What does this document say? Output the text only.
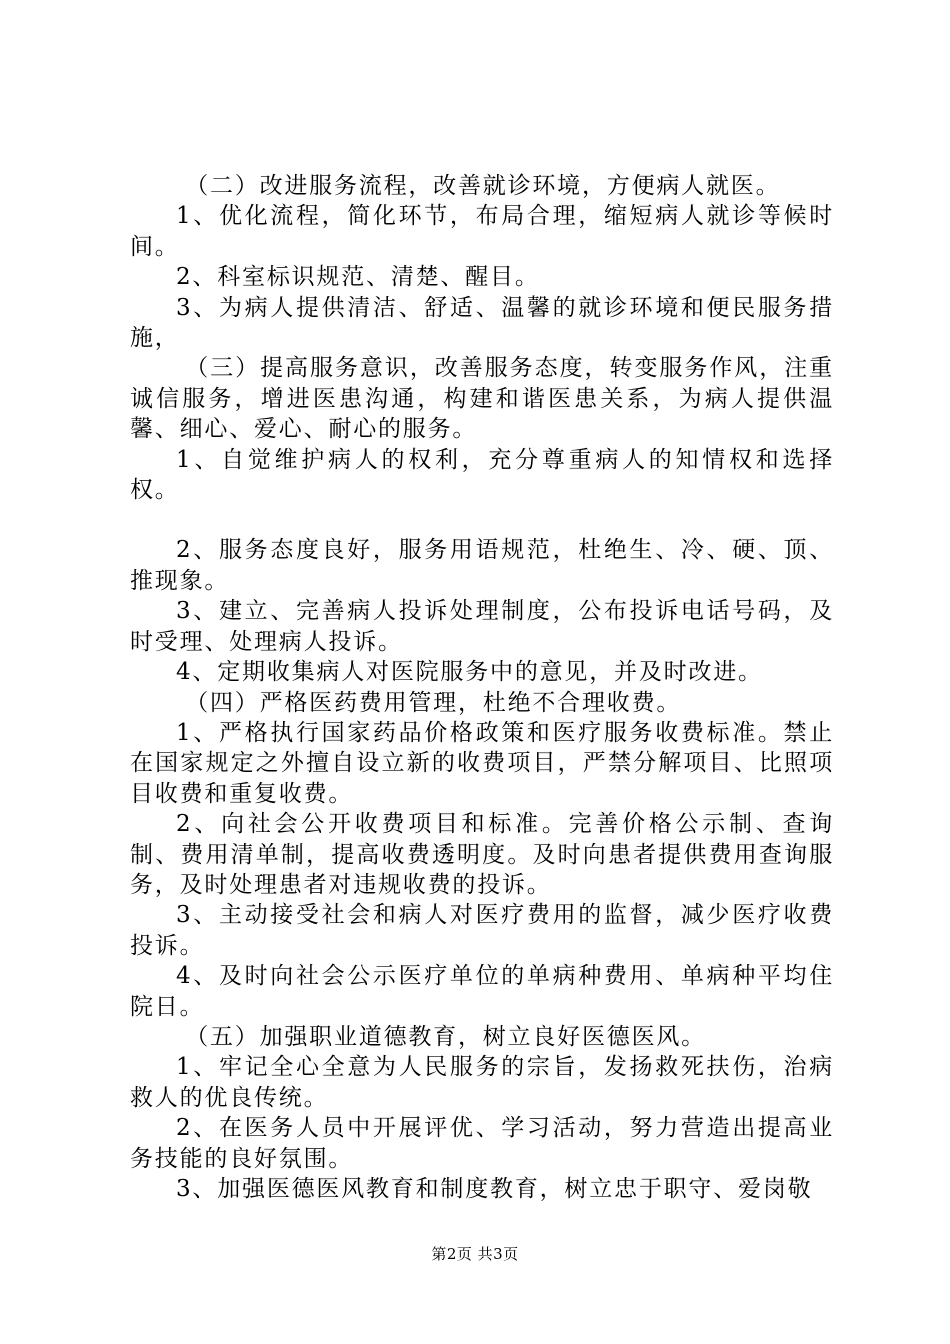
（二）改进服务流程，改善就诊环境，方便病人就医。

1、优化流程，简化环节，布局合理，缩短病人就诊等候时间。

2、科室标识规范、清楚、醒目。

3、为病人提供清洁、舒适、温馨的就诊环境和便民服务措施，

（三）提高服务意识，改善服务态度，转变服务作风，注重诚信服务，增进医患沟通，构建和谐医患关系，为病人提供温馨、细心、爱心、耐心的服务。

1、自觉维护病人的权利，充分尊重病人的知情权和选择权。

2、服务态度良好，服务用语规范，杜绝生、冷、硬、顶、推现象。

3、建立、完善病人投诉处理制度，公布投诉电话号码，及时受理、处理病人投诉。

4、定期收集病人对医院服务中的意见，并及时改进。

（四）严格医药费用管理，杜绝不合理收费。

1、严格执行国家药品价格政策和医疗服务收费标准。禁止在国家规定之外擅自设立新的收费项目，严禁分解项目、比照项目收费和重复收费。

2、向社会公开收费项目和标准。完善价格公示制、查询制、费用清单制，提高收费透明度。及时向患者提供费用查询服务，及时处理患者对违规收费的投诉。

3、主动接受社会和病人对医疗费用的监督，减少医疗收费投诉。

4、及时向社会公示医疗单位的单病种费用、单病种平均住院日。

（五）加强职业道德教育，树立良好医德医风。

1、牢记全心全意为人民服务的宗旨，发扬救死扶伤，治病救人的优良传统。

2、在医务人员中开展评优、学习活动，努力营造出提高业务技能的良好氛围。

3、加强医德医风教育和制度教育，树立忠于职守、爱岗敬

第2页 共3页
